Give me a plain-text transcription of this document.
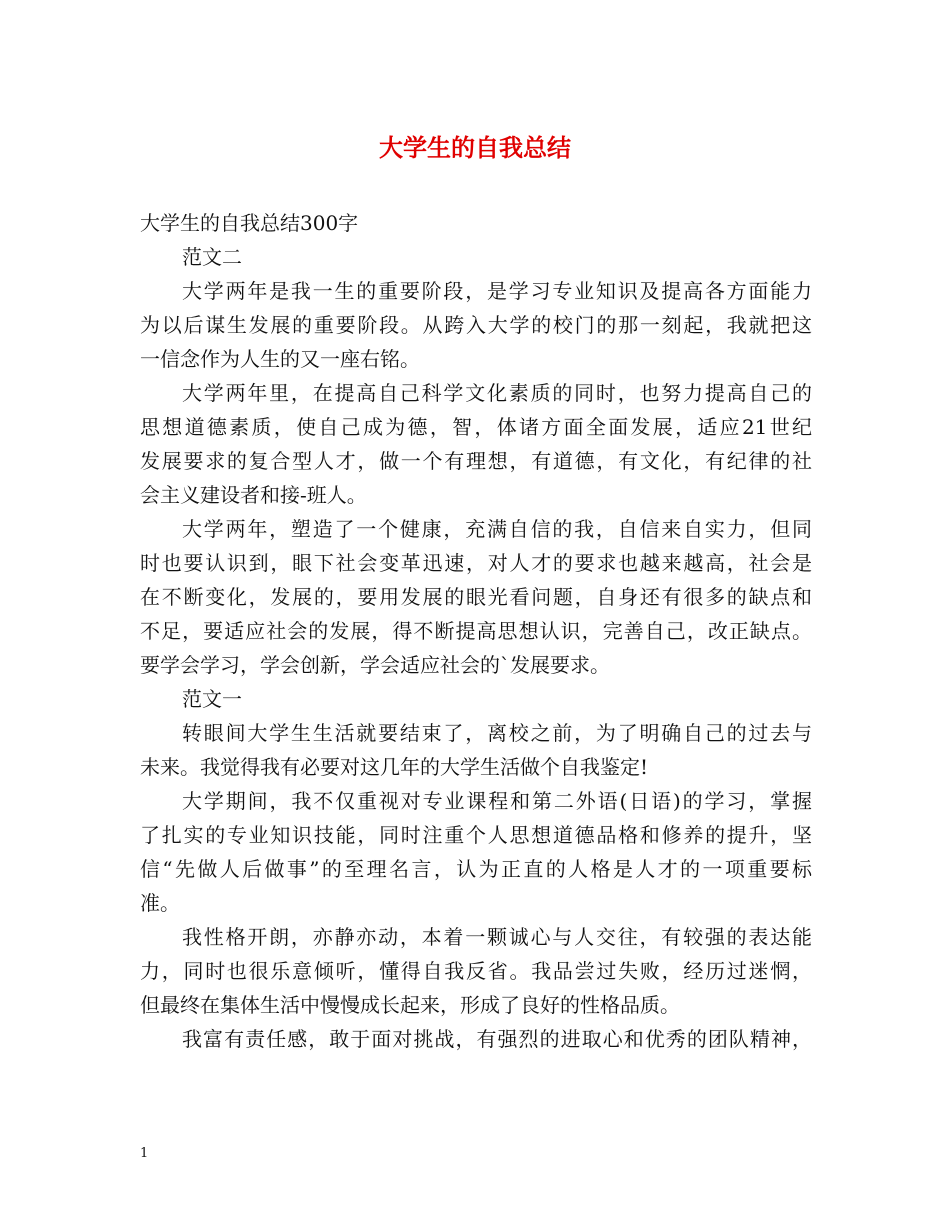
大学生的自我总结

大学生的自我总结300字

范文二

大学两年是我一生的重要阶段，是学习专业知识及提高各方面能力

为以后谋生发展的重要阶段。从跨入大学的校门的那一刻起，我就把这

一信念作为人生的又一座右铭。

大学两年里，在提高自己科学文化素质的同时，也努力提高自己的

思想道德素质，使自己成为德，智，体诸方面全面发展，适应21世纪

发展要求的复合型人才，做一个有理想，有道德，有文化，有纪律的社

会主义建设者和接-班人。

大学两年，塑造了一个健康，充满自信的我，自信来自实力，但同

时也要认识到，眼下社会变革迅速，对人才的要求也越来越高，社会是

在不断变化，发展的，要用发展的眼光看问题，自身还有很多的缺点和

不足，要适应社会的发展，得不断提高思想认识，完善自己，改正缺点。

要学会学习，学会创新，学会适应社会的`发展要求。

范文一

转眼间大学生生活就要结束了，离校之前，为了明确自己的过去与

未来。我觉得我有必要对这几年的大学生活做个自我鉴定!

大学期间，我不仅重视对专业课程和第二外语(日语)的学习，掌握

了扎实的专业知识技能，同时注重个人思想道德品格和修养的提升，坚

信“先做人后做事”的至理名言，认为正直的人格是人才的一项重要标

准。

我性格开朗，亦静亦动，本着一颗诚心与人交往，有较强的表达能

力，同时也很乐意倾听，懂得自我反省。我品尝过失败，经历过迷惘，

但最终在集体生活中慢慢成长起来，形成了良好的性格品质。

我富有责任感，敢于面对挑战，有强烈的进取心和优秀的团队精神，

1
